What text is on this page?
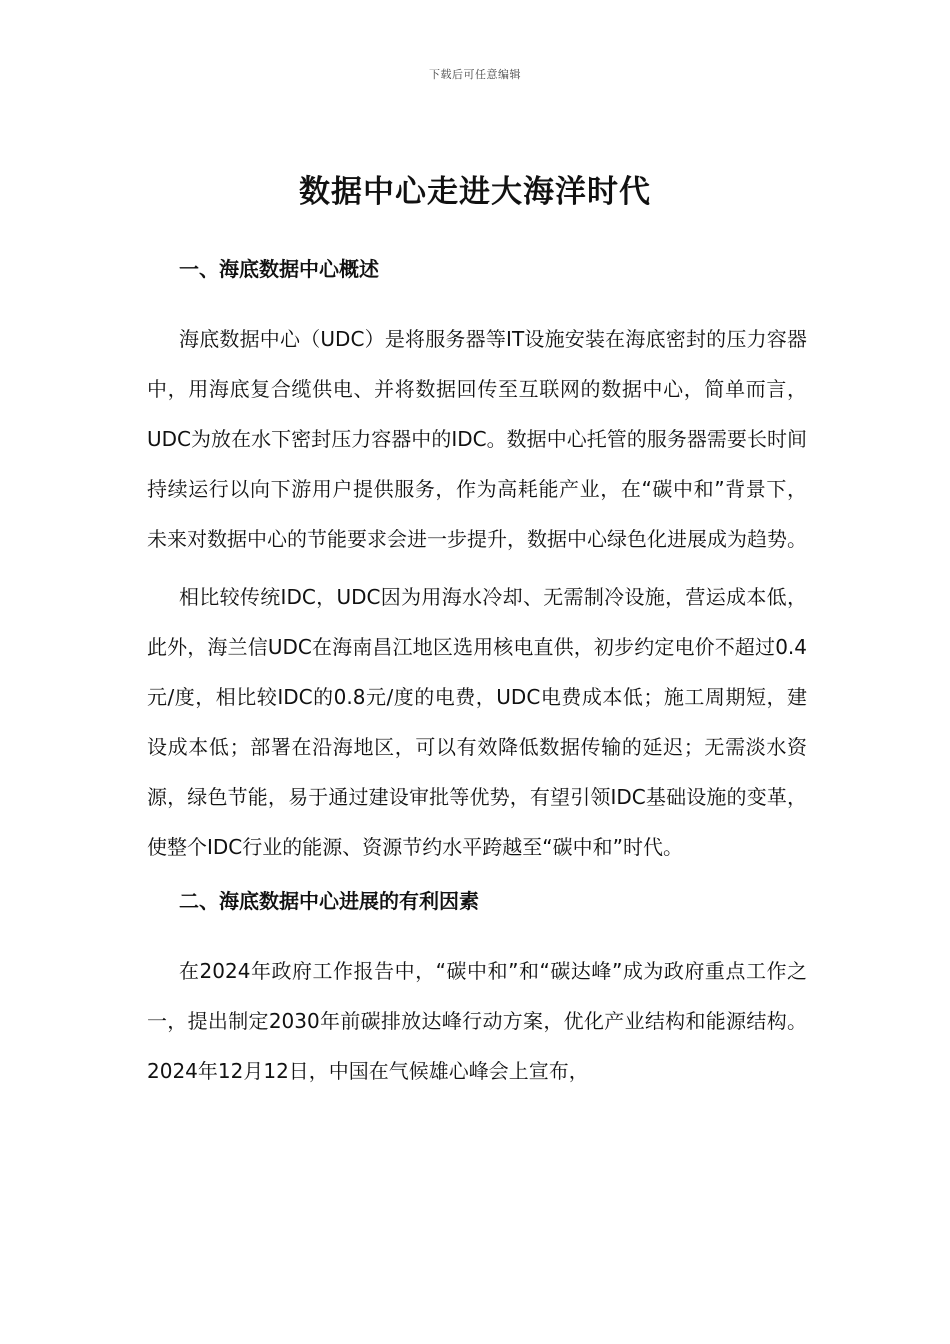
下载后可任意编辑
数据中心走进大海洋时代
一、海底数据中心概述

海底数据中心（UDC）是将服务器等IT设施安装在海底密封的压力容器中，用海底复合缆供电、并将数据回传至互联网的数据中心，简单而言，UDC为放在水下密封压力容器中的IDC。数据中心托管的服务器需要长时间持续运行以向下游用户提供服务，作为高耗能产业，在“碳中和”背景下，未来对数据中心的节能要求会进一步提升，数据中心绿色化进展成为趋势。

相比较传统IDC，UDC因为用海水冷却、无需制冷设施，营运成本低，此外，海兰信UDC在海南昌江地区选用核电直供，初步约定电价不超过0.4元/度，相比较IDC的0.8元/度的电费，UDC电费成本低；施工周期短，建设成本低；部署在沿海地区，可以有效降低数据传输的延迟；无需淡水资源，绿色节能，易于通过建设审批等优势，有望引领IDC基础设施的变革，使整个IDC行业的能源、资源节约水平跨越至“碳中和”时代。

二、海底数据中心进展的有利因素

在2024年政府工作报告中，“碳中和”和“碳达峰”成为政府重点工作之一，提出制定2030年前碳排放达峰行动方案，优化产业结构和能源结构。2024年12月12日，中国在气候雄心峰会上宣布，
